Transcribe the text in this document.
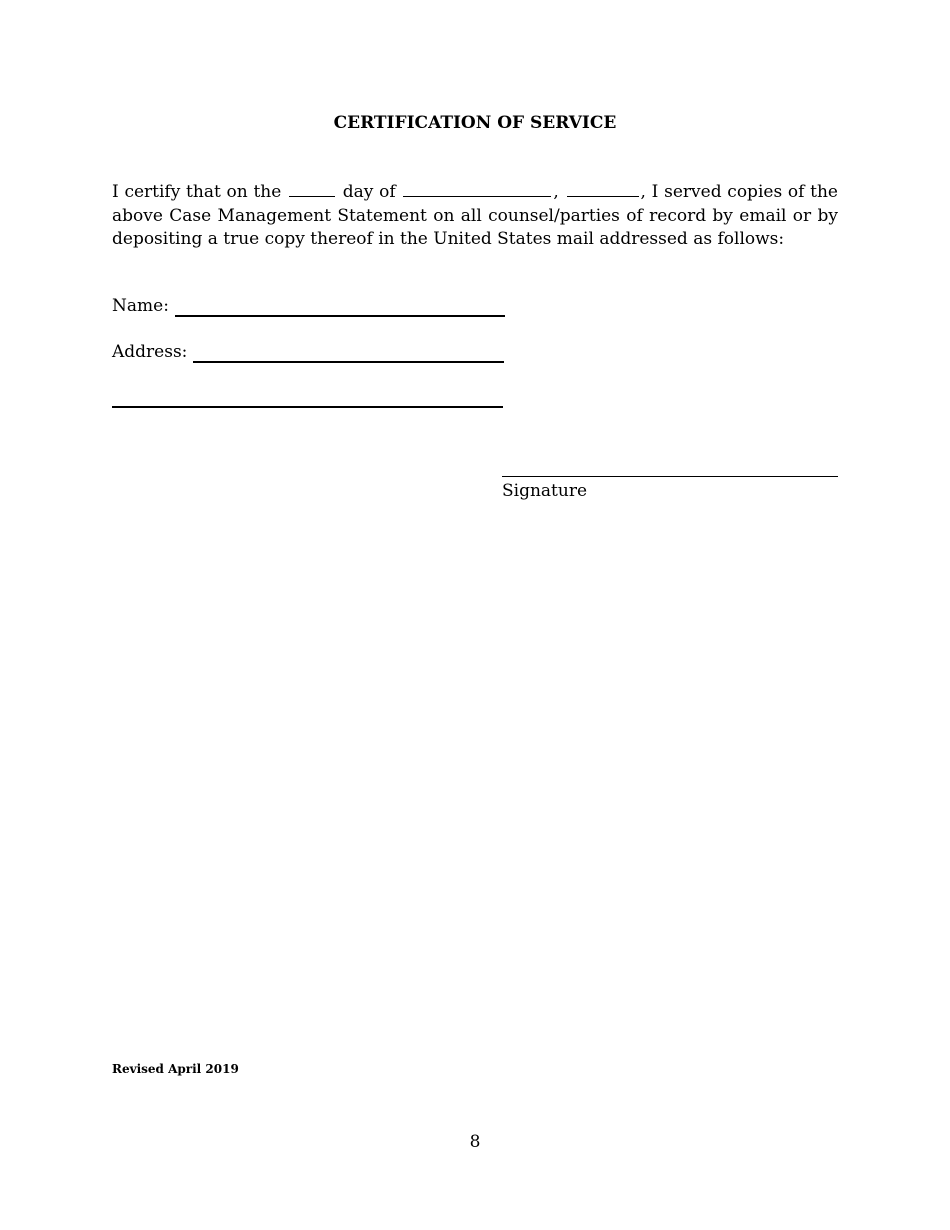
CERTIFICATION OF SERVICE
I certify that on the	day of	,	, I served copies of the above Case Management Statement on all counsel/parties of record by email or by depositing a true copy thereof in the United States mail addressed as follows:
Name:
Address:
Signature
Revised April 2019
8
